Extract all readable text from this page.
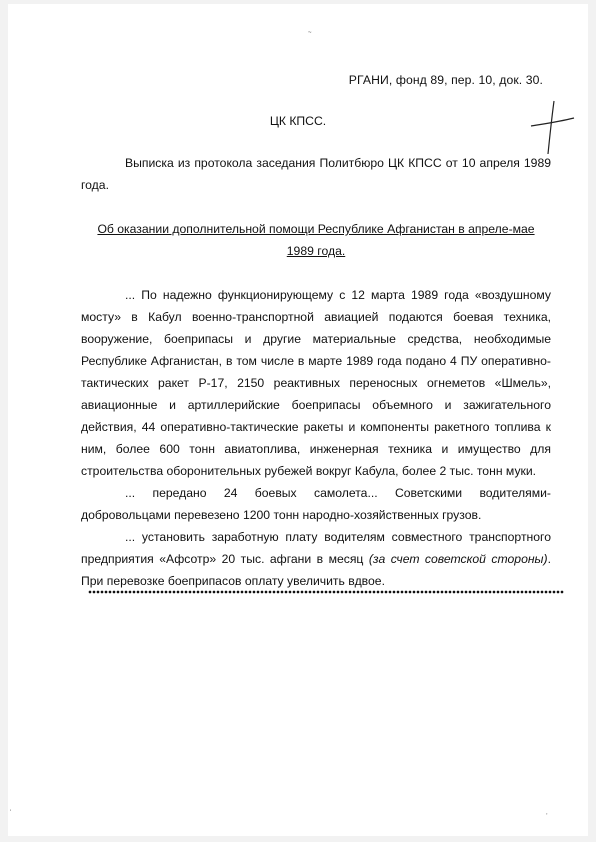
~
'	,
РГАНИ, фонд 89, пер. 10, док. 30.
ЦК КПСС.

Выписка из протокола заседания Политбюро ЦК КПСС от 10 апреля 1989 года.

Об оказании дополнительной помощи Республике Афганистан в апреле-мае 1989 года.

... По надежно функционирующему с 12 марта 1989 года «воздушному мосту» в Кабул военно-транспортной авиацией подаются боевая техника, вооружение, боеприпасы и другие материальные средства, необходимые Республике Афганистан, в том числе в марте 1989 года подано 4 ПУ оперативно-тактических ракет Р-17, 2150 реактивных переносных огнеметов «Шмель», авиационные и артиллерийские боеприпасы объемного и зажигательного действия, 44 оперативно-тактические ракеты и компоненты ракетного топлива к ним, более 600 тонн авиатоплива, инженерная техника и имущество для строительства оборонительных рубежей вокруг Кабула, более 2 тыс. тонн муки.

... передано 24 боевых самолета... Советскими водителями-добровольцами перевезено 1200 тонн народно-хозяйственных грузов.

... установить заработную плату водителям совместного транспортного предприятия «Афсотр» 20 тыс. афгани в месяц (за счет советской стороны). При перевозке боеприпасов оплату увеличить вдвое.
